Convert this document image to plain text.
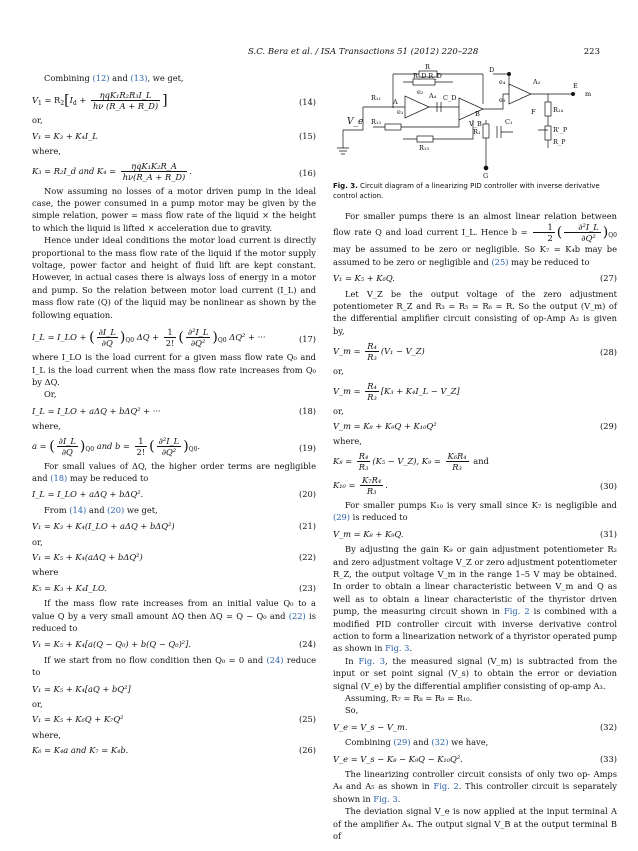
S.C. Bera et al. / ISA Transactions 51 (2012) 220–228	223

Combining (12) and (13), we get,

$V_1 = R_2[I_d + \frac{\text{ηqK₁R₂R₃I\_L}}{h\nu (R\_A + R\_D)}$ ]	(14)

or,

V₁ = K₃ + K₄I_L	(15)

where,

K₃ = R₂I_d and $K_4 = \frac{\text{ηqK₁K₂R\_A}}{h\nu(R\_A + R\_D)}$ .	(16)

Now assuming no losses of a motor driven pump in the ideal case, the power consumed in a pump motor may be given by the simple relation, power = mass flow rate of the liquid × the height to which the liquid is lifted × acceleration due to gravity.

Hence under ideal conditions the motor load current is directly proportional to the mass flow rate of the liquid if the motor supply voltage, power factor and height of fluid lift are kept constant. However, in actual cases there is always loss of energy in a motor and pump. So the relation between motor load current (I_L) and mass flow rate (Q) of the liquid may be nonlinear as shown by the following equation.

I_L = I_LO + ( $\frac{\partial I\_L}{\partial Q} )_{Q0}$ $\Delta Q + \frac{1}{2!}$ ( $\frac{\text{∂²I\_L}}{\text{∂Q²}} )_{Q0}$ ΔQ² + ···	(17)

where I_LO is the load current for a given mass flow rate Q₀ and I_L is the load current when the mass flow rate increases from Q₀ by ΔQ.

Or,

I_L = I_LO + aΔQ + bΔQ² + ···	(18)

where,

a = ( $\frac{\partial I\_L}{\partial Q} )_{Q0}$ and $b = \frac{1}{2!}$ ( $\frac{\text{∂²I\_L}}{\text{∂Q²}} )_{Q0}$.	(19)

For small values of ΔQ, the higher order terms are negligible and (18) may be reduced to

I_L = I_LO + aΔQ + bΔQ².	(20)

From (14) and (20) we get,

V₁ = K₃ + K₄(I_LO + aΔQ + bΔQ²)	(21)

or,

V₁ = K₅ + K₄(aΔQ + bΔQ²)	(22)

where

K₅ = K₃ + K₄I_LO.	(23)

If the mass flow rate increases from an initial value Q₀ to a value Q by a very small amount ΔQ then ΔQ = Q − Q₀ and (22) is reduced to

V₁ = K₅ + K₄[a(Q − Q₀) + b(Q − Q₀)²].	(24)

If we start from no flow condition then Q₀ = 0 and (24) reduce to

V₁ = K₅ + K₄[aQ + bQ²]

or,

V₁ = K₅ + K₆Q + K₇Q²	(25)

where,

K₆ = K₄a and K₇ = K₄b.	(26)
R	D
E
m
A₃
A₄
A
R₁₁
R_D R_D
C_D
e₄
e₃
e₁
e₂
B
V_B
R₁₂
R₁₃
R₁
C₁
F	R₁₄
R'_P
R_P
G
V_e
Fig. 3. Circuit diagram of a linearizing PID controller with inverse derivative control action.

For smaller pumps there is an almost linear relation between flow rate Q and load current I_L. Hence $b = \frac{1}{2}$ ( $\frac{\text{∂²I\_L}}{\text{∂Q²}} )_{Q0}$ may be assumed to be zero or negligible. So K₇ = K₄b may be assumed to be zero or negligible and (25) may be reduced to

V₁ = K₅ + K₆Q.	(27)

Let V_Z be the output voltage of the zero adjustment potentiometer R_Z and R₃ = R₅ = R₆ = R. So the output (V_m) of the differential amplifier circuit consisting of op-Amp A₂ is given by,

V_m = $\frac{\text{R₄}}{\text{R₃}} (V_1$ − V_Z)	(28)

or,

V_m = $\frac{\text{R₄}}{\text{R₃}} [K_3$ + K₄I_L − V_Z]

or,

V_m = K₈ + K₉Q + K₁₀Q²	(29)

where,

$K_8 = \frac{\text{R₄}}{\text{R₃}} (K_5$ − V_Z), $K_9 = \frac{\text{K₆R₄}}{\text{R₃}}$ and
$K_{10} = \frac{\text{K₇R₄}}{\text{R₃}}$ .	(30)

For smaller pumps K₁₀ is very small since K₇ is negligible and (29) is reduced to

V_m = K₈ + K₉Q.	(31)

By adjusting the gain K₉ or gain adjustment potentiometer R₂ and zero adjustment voltage V_Z or zero adjustment potentiometer R_Z, the output voltage V_m in the range 1–5 V may be obtained. In order to obtain a linear characteristic between V_m and Q as well as to obtain a linear characteristic of the thyristor driven pump, the measuring circuit shown in Fig. 2 is combined with a modified PID controller circuit with inverse derivative control action to form a linearization network of a thyristor operated pump as shown in Fig. 3.

In Fig. 3, the measured signal (V_m) is subtracted from the input or set point signal (V_s) to obtain the error or deviation signal (V_e) by the differential amplifier consisting of op-amp A₃.

Assuming, R₇ = R₈ = R₉ = R₁₀.

So,

V_e = V_s − V_m.	(32)

Combining (29) and (32) we have,

V_e = V_s − K₈ − K₉Q − K₁₀Q².	(33)

The linearizing controller circuit consists of only two op- Amps A₄ and A₅ as shown in Fig. 2. This controller circuit is separately shown in Fig. 3.

The deviation signal V_e is now applied at the input terminal A of the amplifier A₄. The output signal V_B at the output terminal B of
